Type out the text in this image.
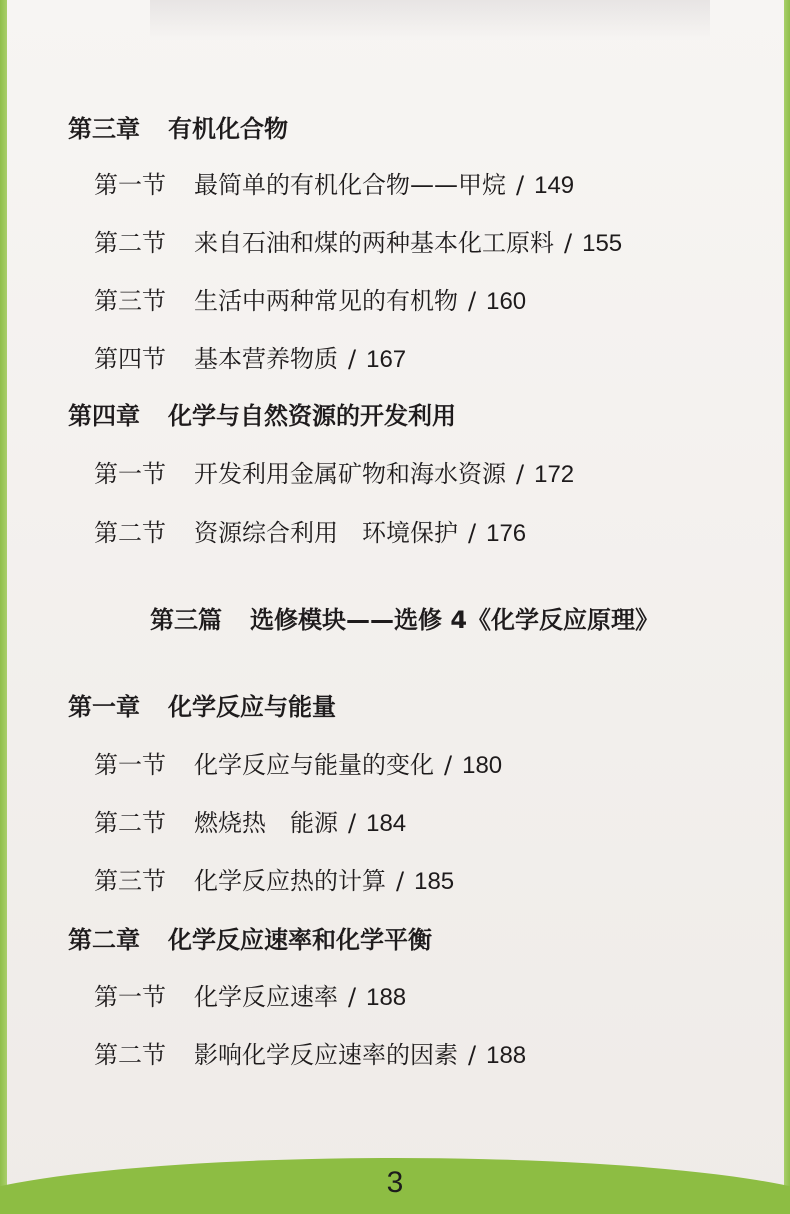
第三章 有机化合物
第一节 最简单的有机化合物——甲烷 / 149
第二节 来自石油和煤的两种基本化工原料 / 155
第三节 生活中两种常见的有机物 / 160
第四节 基本营养物质 / 167
第四章 化学与自然资源的开发利用
第一节 开发利用金属矿物和海水资源 / 172
第二节 资源综合利用　环境保护 / 176
第三篇 选修模块——选修 4《化学反应原理》
第一章 化学反应与能量
第一节 化学反应与能量的变化 / 180
第二节 燃烧热　能源 / 184
第三节 化学反应热的计算 / 185
第二章 化学反应速率和化学平衡
第一节 化学反应速率 / 188
第二节 影响化学反应速率的因素 / 188
3
